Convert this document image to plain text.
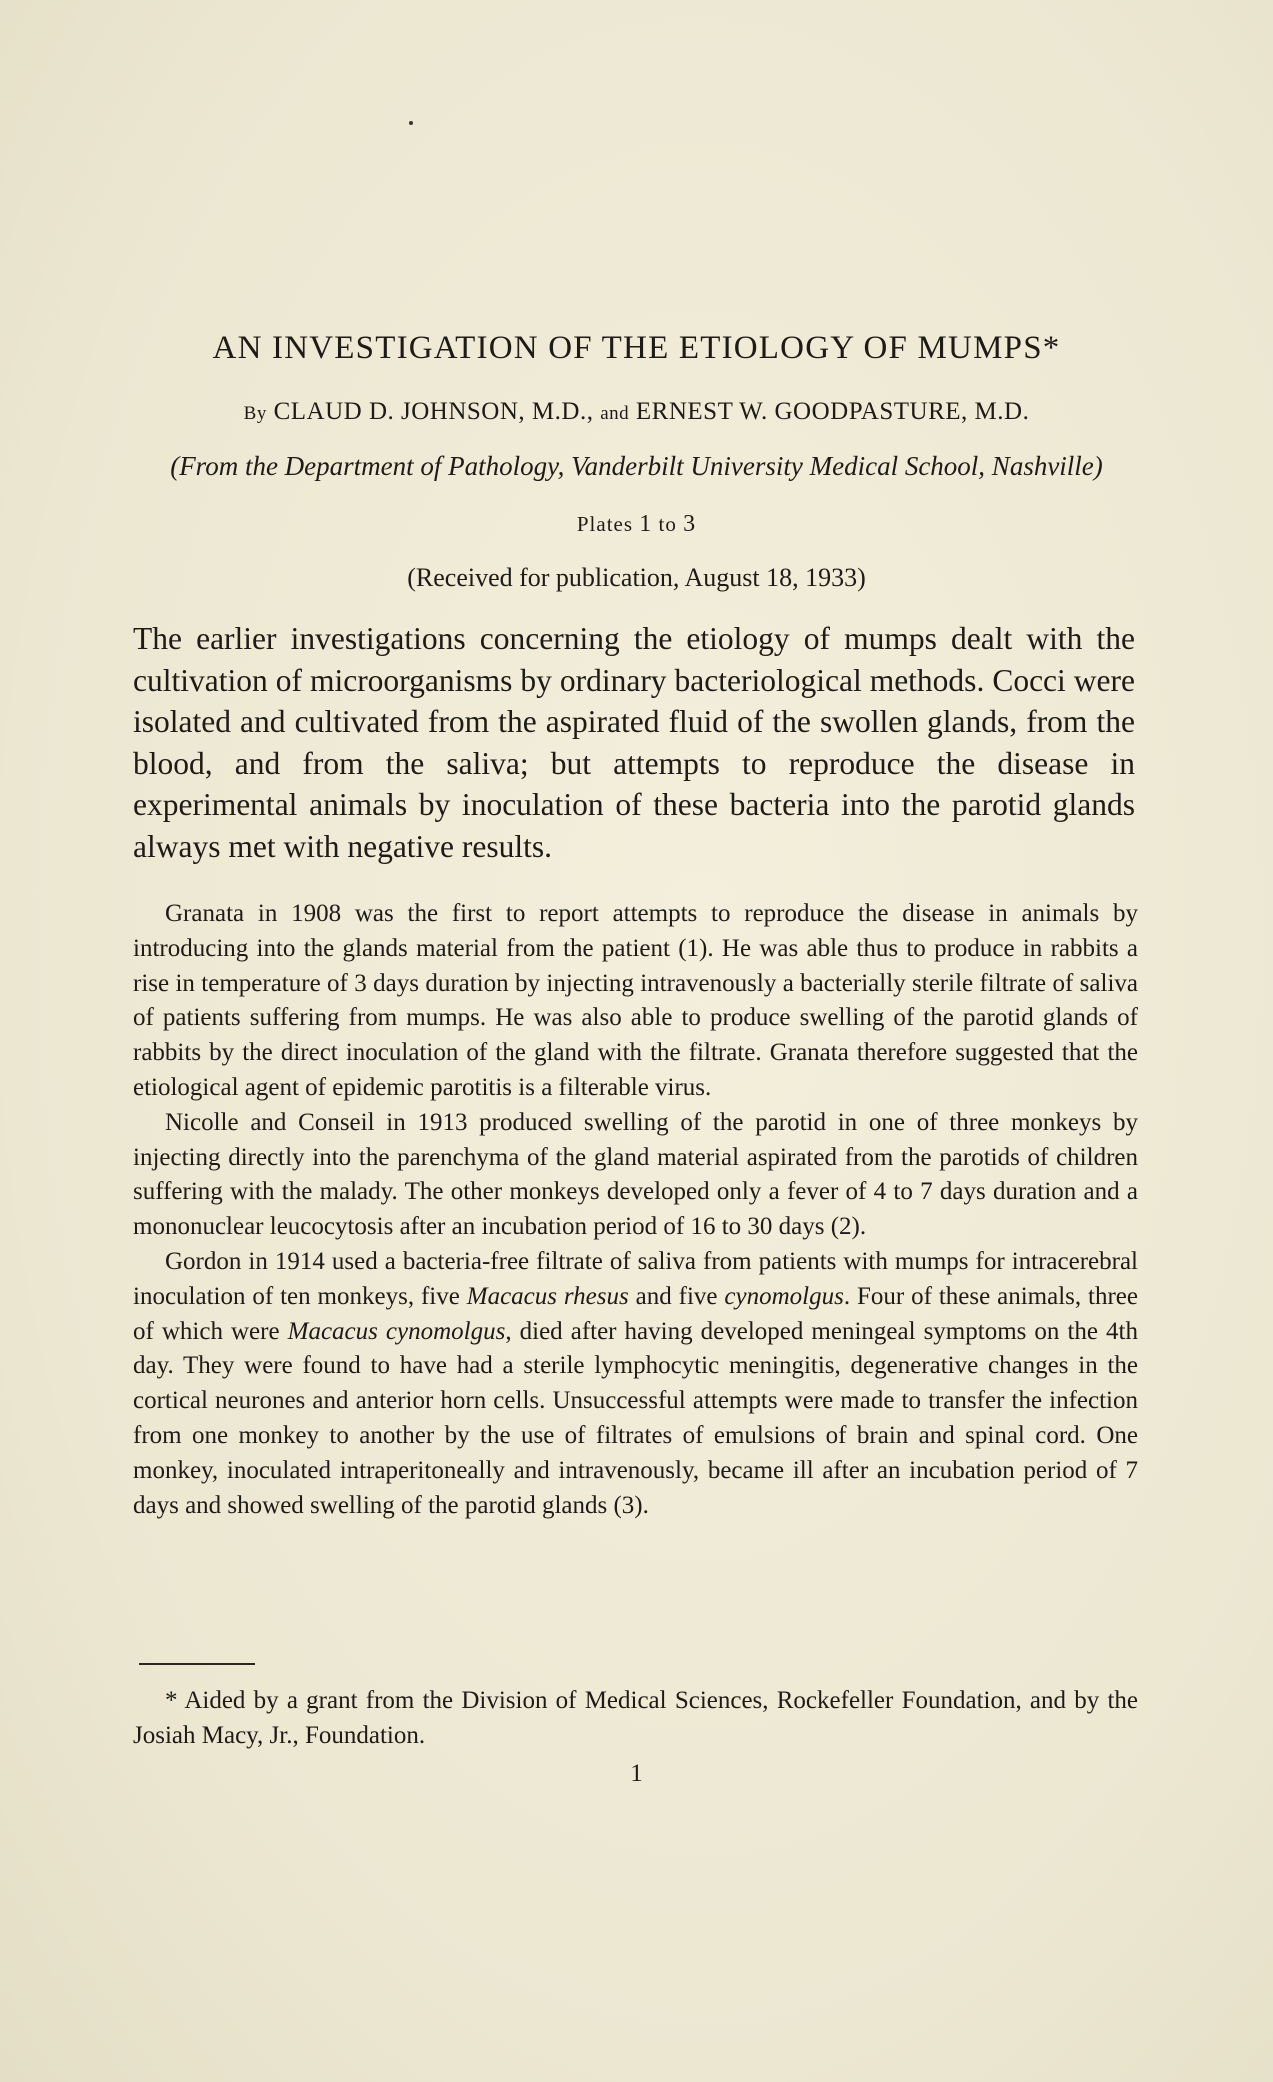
AN INVESTIGATION OF THE ETIOLOGY OF MUMPS*
By CLAUD D. JOHNSON, M.D., and ERNEST W. GOODPASTURE, M.D.
(From the Department of Pathology, Vanderbilt University Medical School, Nashville)
Plates 1 to 3
(Received for publication, August 18, 1933)

The earlier investigations concerning the etiology of mumps dealt with the cultivation of microorganisms by ordinary bacteriological methods. Cocci were isolated and cultivated from the aspirated fluid of the swollen glands, from the blood, and from the saliva; but attempts to reproduce the disease in experimental animals by inoculation of these bacteria into the parotid glands always met with negative results.

Granata in 1908 was the first to report attempts to reproduce the disease in animals by introducing into the glands material from the patient (1). He was able thus to produce in rabbits a rise in temperature of 3 days duration by injecting intravenously a bacterially sterile filtrate of saliva of patients suffering from mumps. He was also able to produce swelling of the parotid glands of rabbits by the direct inoculation of the gland with the filtrate. Granata therefore suggested that the etiological agent of epidemic parotitis is a filterable virus.

Nicolle and Conseil in 1913 produced swelling of the parotid in one of three monkeys by injecting directly into the parenchyma of the gland material aspirated from the parotids of children suffering with the malady. The other monkeys developed only a fever of 4 to 7 days duration and a mononuclear leucocytosis after an incubation period of 16 to 30 days (2).

Gordon in 1914 used a bacteria-free filtrate of saliva from patients with mumps for intracerebral inoculation of ten monkeys, five Macacus rhesus and five cynomolgus. Four of these animals, three of which were Macacus cynomolgus, died after having developed meningeal symptoms on the 4th day. They were found to have had a sterile lymphocytic meningitis, degenerative changes in the cortical neurones and anterior horn cells. Unsuccessful attempts were made to transfer the infection from one monkey to another by the use of filtrates of emulsions of brain and spinal cord. One monkey, inoculated intraperitoneally and intravenously, became ill after an incubation period of 7 days and showed swelling of the parotid glands (3).

* Aided by a grant from the Division of Medical Sciences, Rockefeller Foundation, and by the Josiah Macy, Jr., Foundation.

1
